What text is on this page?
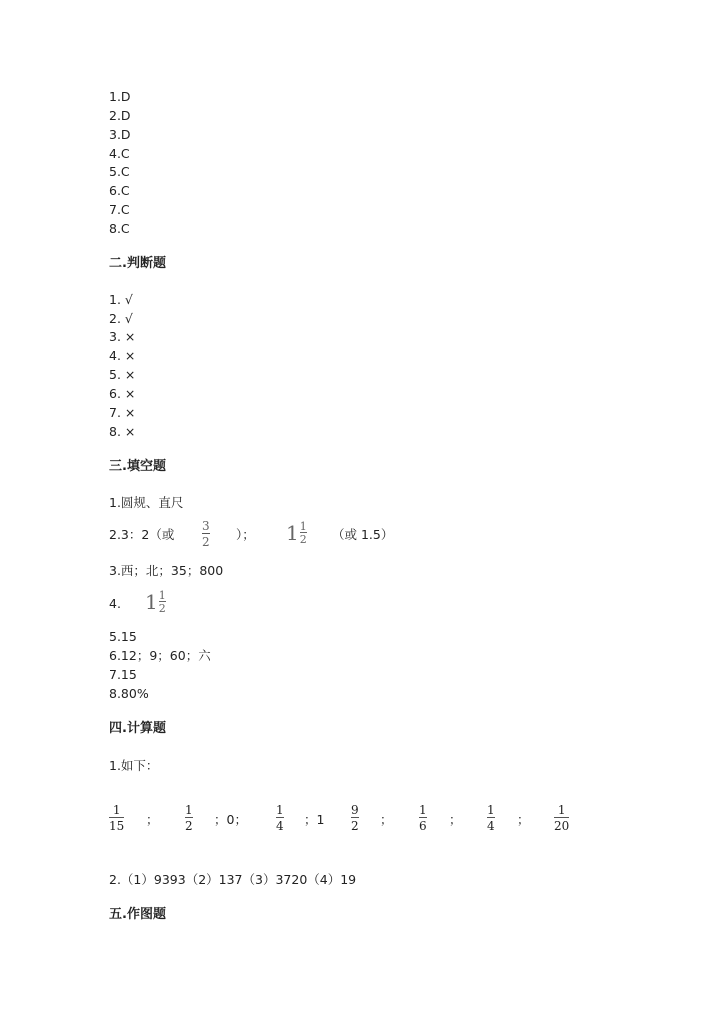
1.D
2.D
3.D
4.C
5.C
6.C
7.C
8.C
二.判断题
1. √
2. √
3. ×
4. ×
5. ×
6. ×
7. ×
8. ×
三.填空题
1.圆规、直尺
2.3：2（或 $\frac{3}{2}$ ）； $1 \frac{1}{2}$ （或 1.5）
3.西；北；35；800
4. $1 \frac{1}{2}$
5.15
6.12；9；60；六
7.15
8.80%
四.计算题
1.如下：
$\frac{1}{15}$ ； $\frac{1}{2}$ ；0； $\frac{1}{4}$ ；$1 \frac{9}{2}$ ； $\frac{1}{6}$ ； $\frac{1}{4}$ ； $\frac{1}{20}$
2.（1）9393（2）137（3）3720（4）19
五.作图题
